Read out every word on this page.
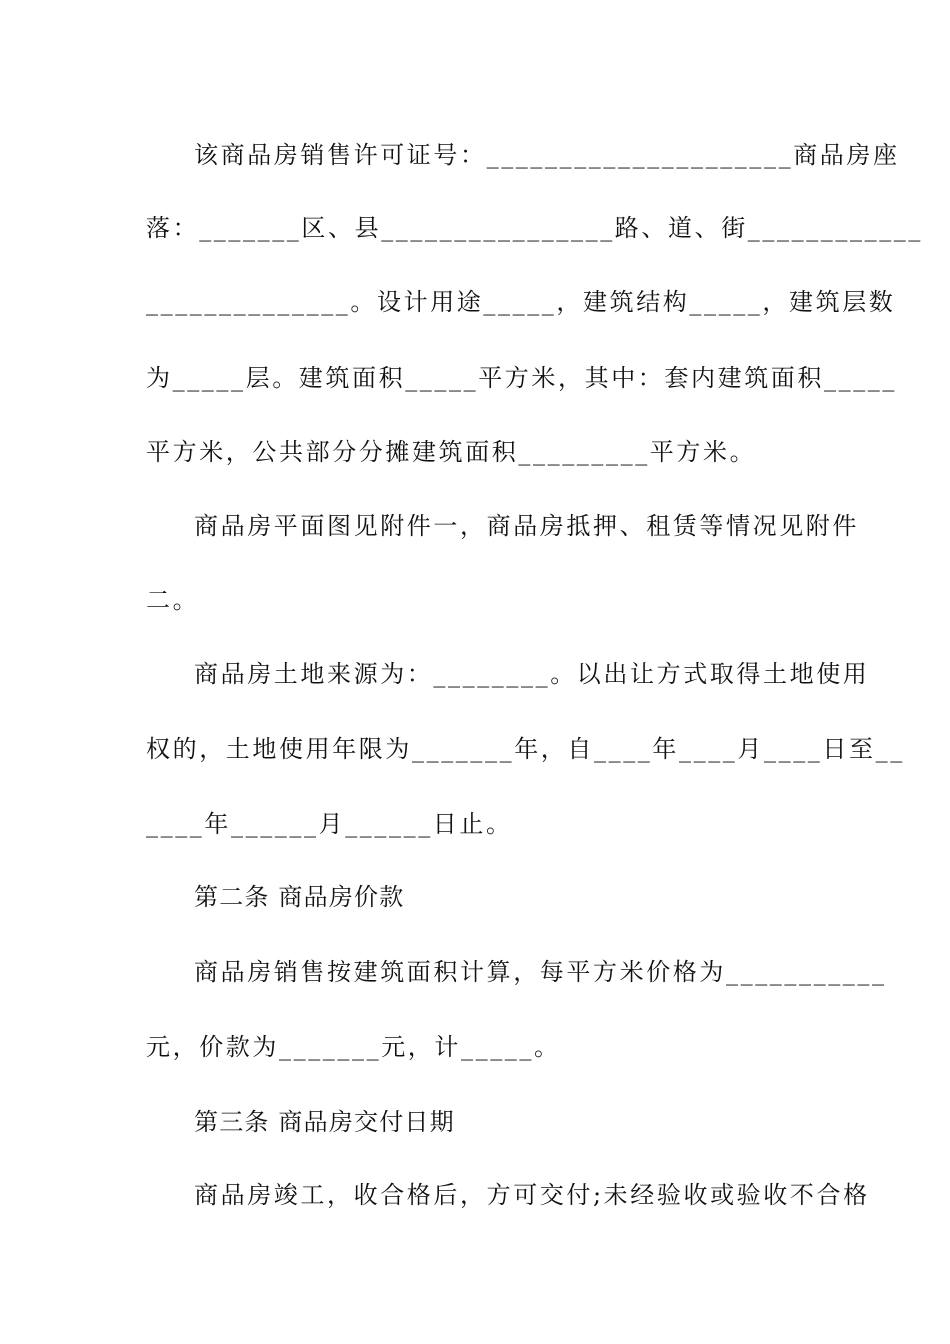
该商品房销售许可证号：_____________________商品房座
落：_______区、县________________路、道、街____________
______________。设计用途_____，建筑结构_____，建筑层数
为_____层。建筑面积_____平方米，其中：套内建筑面积_____
平方米，公共部分分摊建筑面积_________平方米。
商品房平面图见附件一，商品房抵押、租赁等情况见附件
二。
商品房土地来源为：________。以出让方式取得土地使用
权的，土地使用年限为_______年，自____年____月____日至__
____年______月______日止。
第二条 商品房价款
商品房销售按建筑面积计算，每平方米价格为___________
元，价款为_______元，计_____。
第三条 商品房交付日期
商品房竣工，收合格后，方可交付;未经验收或验收不合格
